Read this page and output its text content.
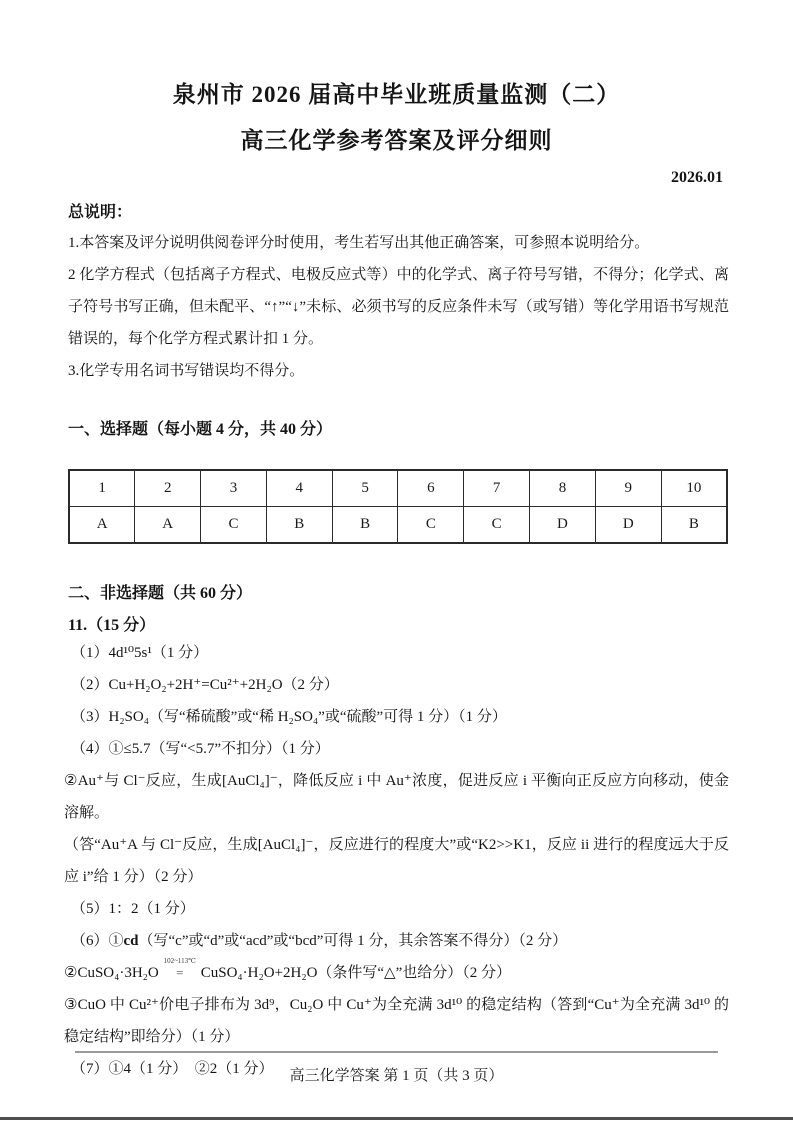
泉州市 2026 届高中毕业班质量监测（二）
高三化学参考答案及评分细则
2026.01
总说明：
1.本答案及评分说明供阅卷评分时使用，考生若写出其他正确答案，可参照本说明给分。
2 化学方程式（包括离子方程式、电极反应式等）中的化学式、离子符号写错，不得分；化学式、离子符号书写正确，但未配平、“↑”“↓”未标、必须书写的反应条件未写（或写错）等化学用语书写规范错误的，每个化学方程式累计扣 1 分。
3.化学专用名词书写错误均不得分。
一、选择题（每小题 4 分，共 40 分）
1	2	3	4	5	6	7	8	9	10
A	A	C	B	B	C	C	D	D	B
二、非选择题（共 60 分）
11.（15 分）
（1）4d¹⁰5s¹（1 分）
（2）Cu+H₂O₂+2H⁺=Cu²⁺+2H₂O（2 分）
（3）H₂SO₄（写“稀硫酸”或“稀 H₂SO₄”或“硫酸”可得 1 分）（1 分）
（4）①≤5.7（写“<5.7”不扣分）（1 分）
②Au⁺与 Cl⁻反应，生成[AuCl₄]⁻，降低反应 i 中 Au⁺浓度，促进反应 i 平衡向正反应方向移动，使金溶解。
（答“Au⁺A 与 Cl⁻反应，生成[AuCl₄]⁻，反应进行的程度大”或“K2>>K1，反应 ii 进行的程度远大于反应 i”给 1 分）（2 分）
（5）1：2（1 分）
（6）①cd（写“c”或“d”或“acd”或“bcd”可得 1 分，其余答案不得分）（2 分）
②CuSO₄·3H₂O
102~113℃
= CuSO₄·H₂O+2H₂O（条件写“△”也给分）（2 分）
③CuO 中 Cu²⁺价电子排布为 3d⁹，Cu₂O 中 Cu⁺为全充满 3d¹⁰ 的稳定结构（答到“Cu⁺为全充满 3d¹⁰ 的稳定结构”即给分）（1 分）
（7）①4（1 分）　②2（1 分）	高三化学答案 第 1 页（共 3 页）
